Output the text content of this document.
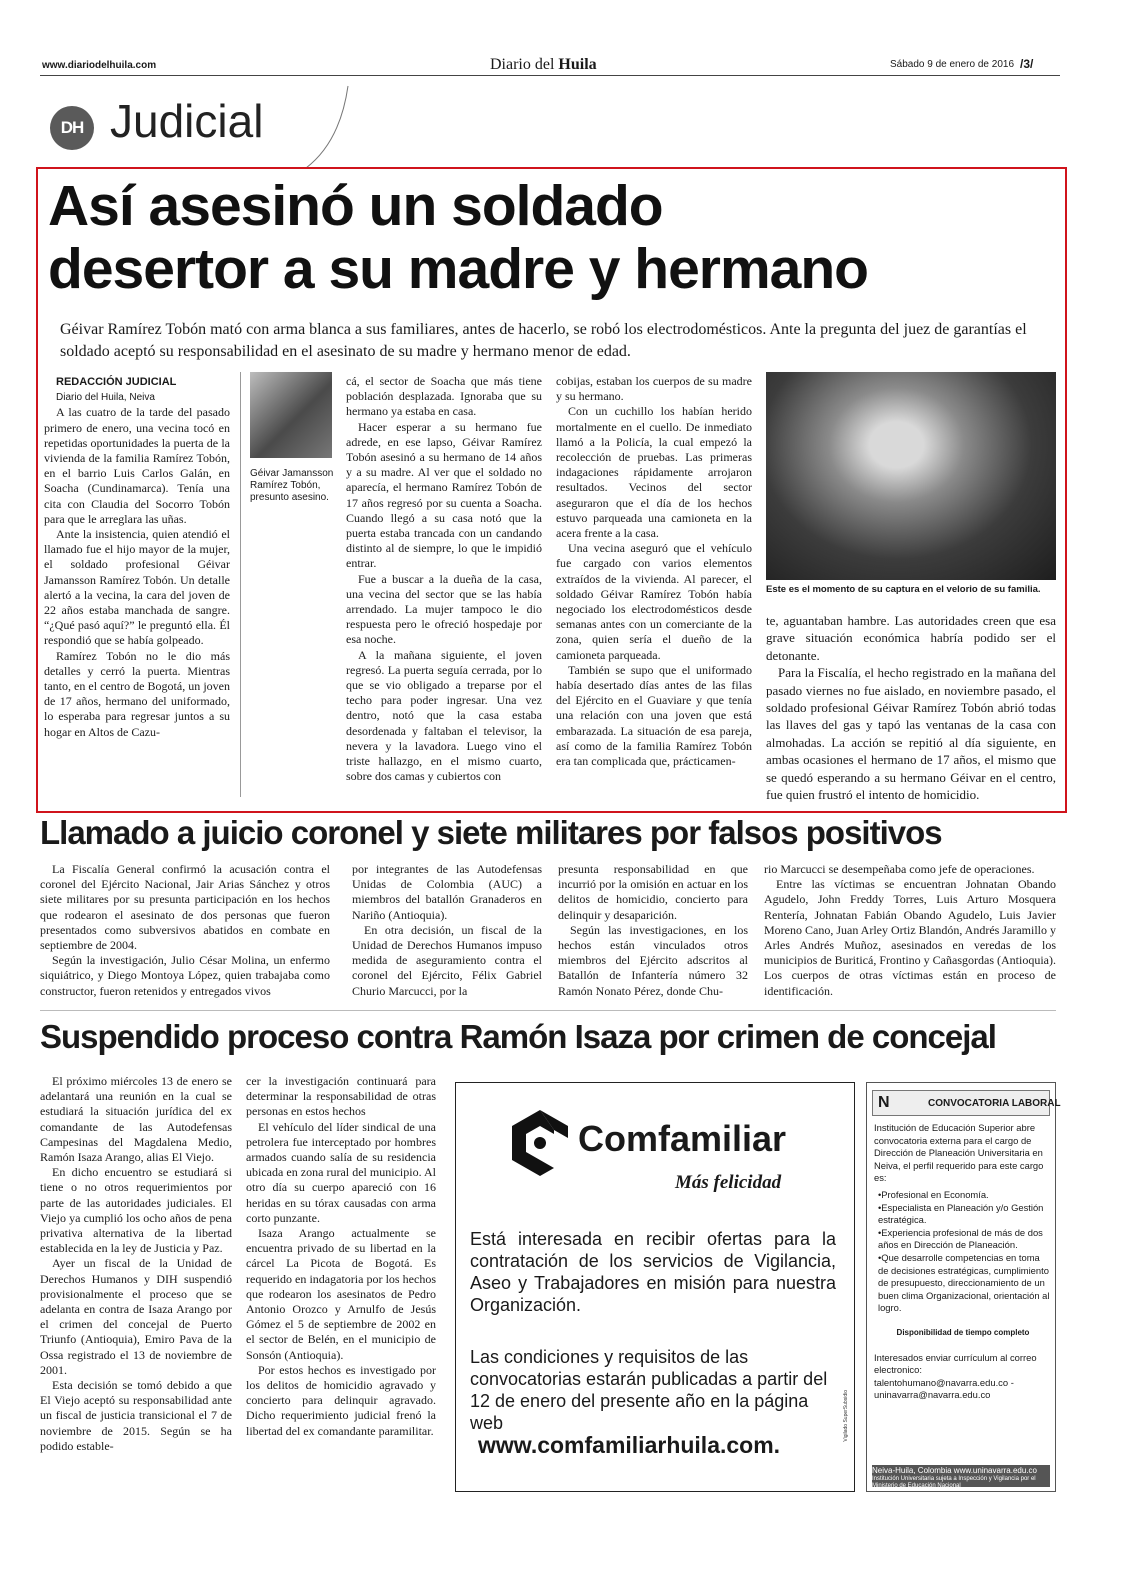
www.diariodelhuila.com	Diario del Huila	Sábado 9 de enero de 2016 /3/
DH Judicial
Así asesinó un soldado
desertor a su madre y hermano

Géivar Ramírez Tobón mató con arma blanca a sus familiares, antes de hacerlo, se robó los electrodomésticos. Ante la pregunta del juez de garantías el soldado aceptó su responsabilidad en el asesinato de su madre y hermano menor de edad.

REDACCIÓN JUDICIAL

Diario del Huila, Neiva

A las cuatro de la tarde del pasado primero de enero, una vecina tocó en repetidas oportunidades la puerta de la vivienda de la familia Ramírez Tobón, en el barrio Luis Carlos Galán, en Soacha (Cundinamarca). Tenía una cita con Claudia del Socorro Tobón para que le arreglara las uñas.

Ante la insistencia, quien atendió el llamado fue el hijo mayor de la mujer, el soldado profesional Géivar Jamansson Ramírez Tobón. Un detalle alertó a la vecina, la cara del joven de 22 años estaba manchada de sangre. “¿Qué pasó aquí?” le preguntó ella. Él respondió que se había golpeado.

Ramírez Tobón no le dio más detalles y cerró la puerta. Mientras tanto, en el centro de Bogotá, un joven de 17 años, hermano del uniformado, lo esperaba para regresar juntos a su hogar en Altos de Cazu-

Géivar Jamansson Ramírez Tobón, presunto asesino.

cá, el sector de Soacha que más tiene población desplazada. Ignoraba que su hermano ya estaba en casa.

Hacer esperar a su hermano fue adrede, en ese lapso, Géivar Ramírez Tobón asesinó a su hermano de 14 años y a su madre. Al ver que el soldado no aparecía, el hermano Ramírez Tobón de 17 años regresó por su cuenta a Soacha. Cuando llegó a su casa notó que la puerta estaba trancada con un candando distinto al de siempre, lo que le impidió entrar.

Fue a buscar a la dueña de la casa, una vecina del sector que se las había arrendado. La mujer tampoco le dio respuesta pero le ofreció hospedaje por esa noche.

A la mañana siguiente, el joven regresó. La puerta seguía cerrada, por lo que se vio obligado a treparse por el techo para poder ingresar. Una vez dentro, notó que la casa estaba desordenada y faltaban el televisor, la nevera y la lavadora. Luego vino el triste hallazgo, en el mismo cuarto, sobre dos camas y cubiertos con

cobijas, estaban los cuerpos de su madre y su hermano.

Con un cuchillo los habían herido mortalmente en el cuello. De inmediato llamó a la Policía, la cual empezó la recolección de pruebas. Las primeras indagaciones rápidamente arrojaron resultados. Vecinos del sector aseguraron que el día de los hechos estuvo parqueada una camioneta en la acera frente a la casa.

Una vecina aseguró que el vehículo fue cargado con varios elementos extraídos de la vivienda. Al parecer, el soldado Géivar Ramírez Tobón había negociado los electrodomésticos desde semanas antes con un comerciante de la zona, quien sería el dueño de la camioneta parqueada.

También se supo que el uniformado había desertado días antes de las filas del Ejército en el Guaviare y que tenía una relación con una joven que está embarazada. La situación de esa pareja, así como de la familia Ramírez Tobón era tan complicada que, prácticamen-

Este es el momento de su captura en el velorio de su familia.

te, aguantaban hambre. Las autoridades creen que esa grave situación económica habría podido ser el detonante.

Para la Fiscalía, el hecho registrado en la mañana del pasado viernes no fue aislado, en noviembre pasado, el soldado profesional Géivar Ramírez Tobón abrió todas las llaves del gas y tapó las ventanas de la casa con almohadas. La acción se repitió al día siguiente, en ambas ocasiones el hermano de 17 años, el mismo que se quedó esperando a su hermano Géivar en el centro, fue quien frustró el intento de homicidio.

Llamado a juicio coronel y siete militares por falsos positivos

La Fiscalía General confirmó la acusación contra el coronel del Ejército Nacional, Jair Arias Sánchez y otros siete militares por su presunta participación en los hechos que rodearon el asesinato de dos personas que fueron presentados como subversivos abatidos en combate en septiembre de 2004.

Según la investigación, Julio César Molina, un enfermo siquiátrico, y Diego Montoya López, quien trabajaba como constructor, fueron retenidos y entregados vivos

por integrantes de las Autodefensas Unidas de Colombia (AUC) a miembros del batallón Granaderos en Nariño (Antioquia).

En otra decisión, un fiscal de la Unidad de Derechos Humanos impuso medida de aseguramiento contra el coronel del Ejército, Félix Gabriel Churio Marcucci, por la

presunta responsabilidad en que incurrió por la omisión en actuar en los delitos de homicidio, concierto para delinquir y desaparición.

Según las investigaciones, en los hechos están vinculados otros miembros del Ejército adscritos al Batallón de Infantería número 32 Ramón Nonato Pérez, donde Chu-

rio Marcucci se desempeñaba como jefe de operaciones.

Entre las víctimas se encuentran Johnatan Obando Agudelo, John Freddy Torres, Luis Arturo Mosquera Rentería, Johnatan Fabián Obando Agudelo, Luis Javier Moreno Cano, Juan Arley Ortiz Blandón, Andrés Jaramillo y Arles Andrés Muñoz, asesinados en veredas de los municipios de Buriticá, Frontino y Cañasgordas (Antioquia). Los cuerpos de otras víctimas están en proceso de identificación.

Suspendido proceso contra Ramón Isaza por crimen de concejal

El próximo miércoles 13 de enero se adelantará una reunión en la cual se estudiará la situación jurídica del ex comandante de las Autodefensas Campesinas del Magdalena Medio, Ramón Isaza Arango, alias El Viejo.

En dicho encuentro se estudiará si tiene o no otros requerimientos por parte de las autoridades judiciales. El Viejo ya cumplió los ocho años de pena privativa alternativa de la libertad establecida en la ley de Justicia y Paz.

Ayer un fiscal de la Unidad de Derechos Humanos y DIH suspendió provisionalmente el proceso que se adelanta en contra de Isaza Arango por el crimen del concejal de Puerto Triunfo (Antioquia), Emiro Pava de la Ossa registrado el 13 de noviembre de 2001.

Esta decisión se tomó debido a que El Viejo aceptó su responsabilidad ante un fiscal de justicia transicional el 7 de noviembre de 2015. Según se ha podido estable-

cer la investigación continuará para determinar la responsabilidad de otras personas en estos hechos

El vehículo del líder sindical de una petrolera fue interceptado por hombres armados cuando salía de su residencia ubicada en zona rural del municipio. Al otro día su cuerpo apareció con 16 heridas en su tórax causadas con arma corto punzante.

Isaza Arango actualmente se encuentra privado de su libertad en la cárcel La Picota de Bogotá. Es requerido en indagatoria por los hechos que rodearon los asesinatos de Pedro Antonio Orozco y Arnulfo de Jesús Gómez el 5 de septiembre de 2002 en el sector de Belén, en el municipio de Sonsón (Antioquia).

Por estos hechos es investigado por los delitos de homicidio agravado y concierto para delinquir agravado. Dicho requerimiento judicial frenó la libertad del ex comandante paramilitar.

Comfamiliar
Más felicidad

Está interesada en recibir ofertas para la contratación de los servicios de Vigilancia, Aseo y Trabajadores en misión para nuestra Organización.

Las condiciones y requisitos de las convocatorias estarán publicadas a partir del 12 de enero del presente año en la página web

www.comfamiliarhuila.com.
Vigilado SuperSubsidio
N	CONVOCATORIA LABORAL
Institución de Educación Superior abre convocatoria externa para el cargo de Dirección de Planeación Universitaria en Neiva, el perfil requerido para este cargo es:
• Profesional en Economía.
• Especialista en Planeación y/o Gestión estratégica.
• Experiencia profesional de más de dos años en Dirección de Planeación.
• Que desarrolle competencias en toma de decisiones estratégicas, cumplimiento de presupuesto, direccionamiento de un buen clima Organizacional, orientación al logro.
Disponibilidad de tiempo completo
Interesados enviar currículum al correo electronico: talentohumano@navarra.edu.co -uninavarra@navarra.edu.co
Neiva-Huila, Colombia www.uninavarra.edu.co
Institución Universitaria sujeta a Inspección y Vigilancia por el Ministerio de Educación Nacional
